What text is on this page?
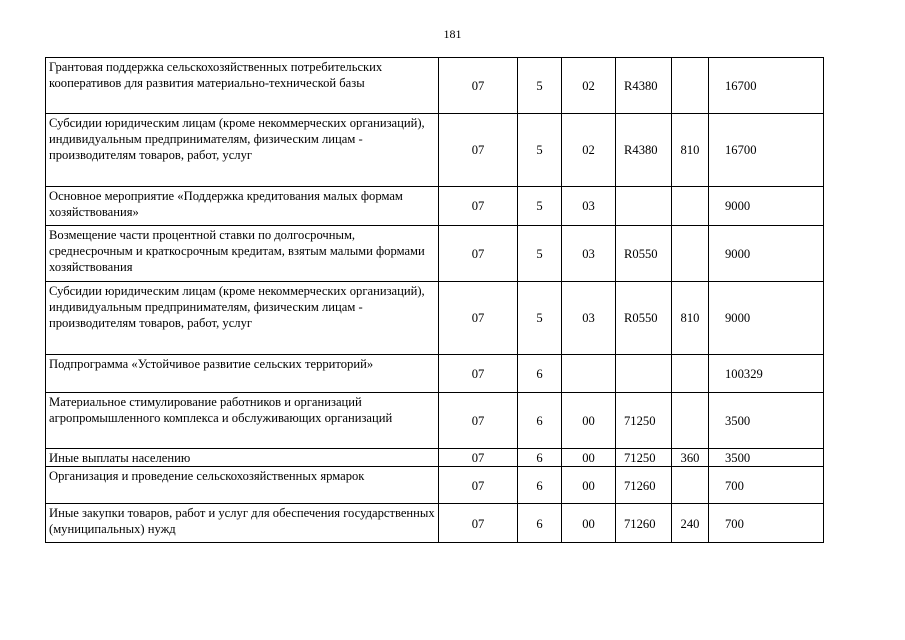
181
Грантовая поддержка сельскохозяйственных потребительских кооперативов для развития материально-технической базы	07	5	02	R4380		16700
Субсидии юридическим лицам (кроме некоммерческих организаций), индивидуальным предпринимателям, физическим лицам - производителям товаров, работ, услуг	07	5	02	R4380	810	16700
Основное мероприятие «Поддержка кредитования малых формам хозяйствования»	07	5	03			9000
Возмещение части процентной ставки по долгосрочным, среднесрочным и краткосрочным кредитам, взятым малыми формами хозяйствования	07	5	03	R0550		9000
Субсидии юридическим лицам (кроме некоммерческих организаций), индивидуальным предпринимателям, физическим лицам - производителям товаров, работ, услуг	07	5	03	R0550	810	9000
Подпрограмма «Устойчивое развитие сельских территорий»	07	6				100329
Материальное стимулирование работников и организаций агропромышленного комплекса и обслуживающих организаций	07	6	00	71250		3500
Иные выплаты населению	07	6	00	71250	360	3500
Организация и проведение сельскохозяйственных ярмарок	07	6	00	71260		700
Иные закупки товаров, работ и услуг для обеспечения государственных (муниципальных) нужд	07	6	00	71260	240	700
